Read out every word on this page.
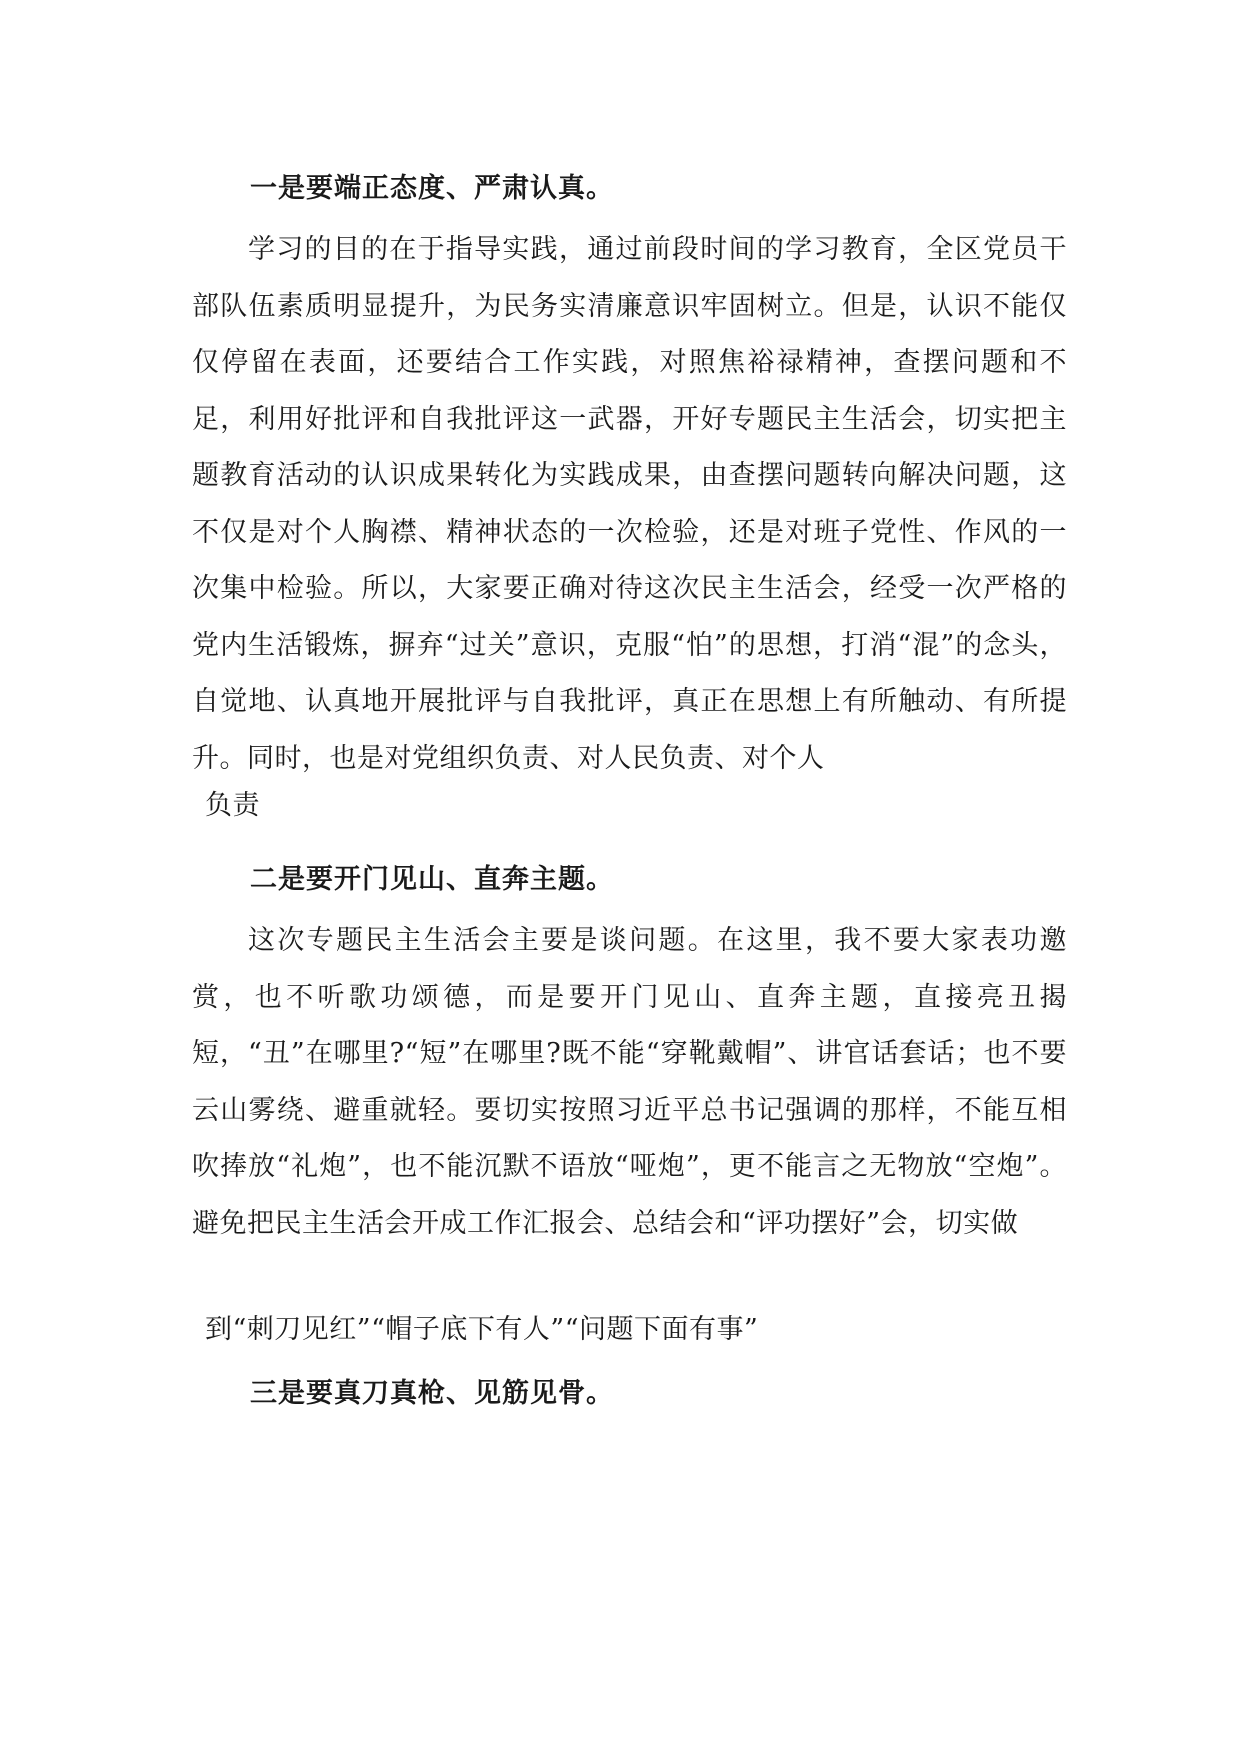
一是要端正态度、严肃认真。
学习的目的在于指导实践，通过前段时间的学习教育，全区党员干部队伍素质明显提升，为民务实清廉意识牢固树立。但是，认识不能仅仅停留在表面，还要结合工作实践，对照焦裕禄精神，查摆问题和不足，利用好批评和自我批评这一武器，开好专题民主生活会，切实把主题教育活动的认识成果转化为实践成果，由查摆问题转向解决问题，这不仅是对个人胸襟、精神状态的一次检验，还是对班子党性、作风的一次集中检验。所以，大家要正确对待这次民主生活会，经受一次严格的党内生活锻炼，摒弃“过关”意识，克服“怕”的思想，打消“混”的念头， 自觉地、认真地开展批评与自我批评，真正在思想上有所触动、有所提升。同时，也是对党组织负责、对人民负责、对个人
负责
二是要开门见山、直奔主题。
这次专题民主生活会主要是谈问题。在这里，我不要大家表功邀赏，也不听歌功颂德，而是要开门见山、直奔主题，直接亮丑揭短，“丑”在哪里?“短”在哪里?既不能“穿靴戴帽”、讲官话套话；也不要云山雾绕、避重就轻。要切实按照习近平总书记强调的那样，不能互相吹捧放“礼炮”，也不能沉默不语放“哑炮”，更不能言之无物放“空炮”。 避免把民主生活会开成工作汇报会、总结会和“评功摆好”会，切实做
到“刺刀见红”“帽子底下有人”“问题下面有事”
三是要真刀真枪、见筋见骨。
